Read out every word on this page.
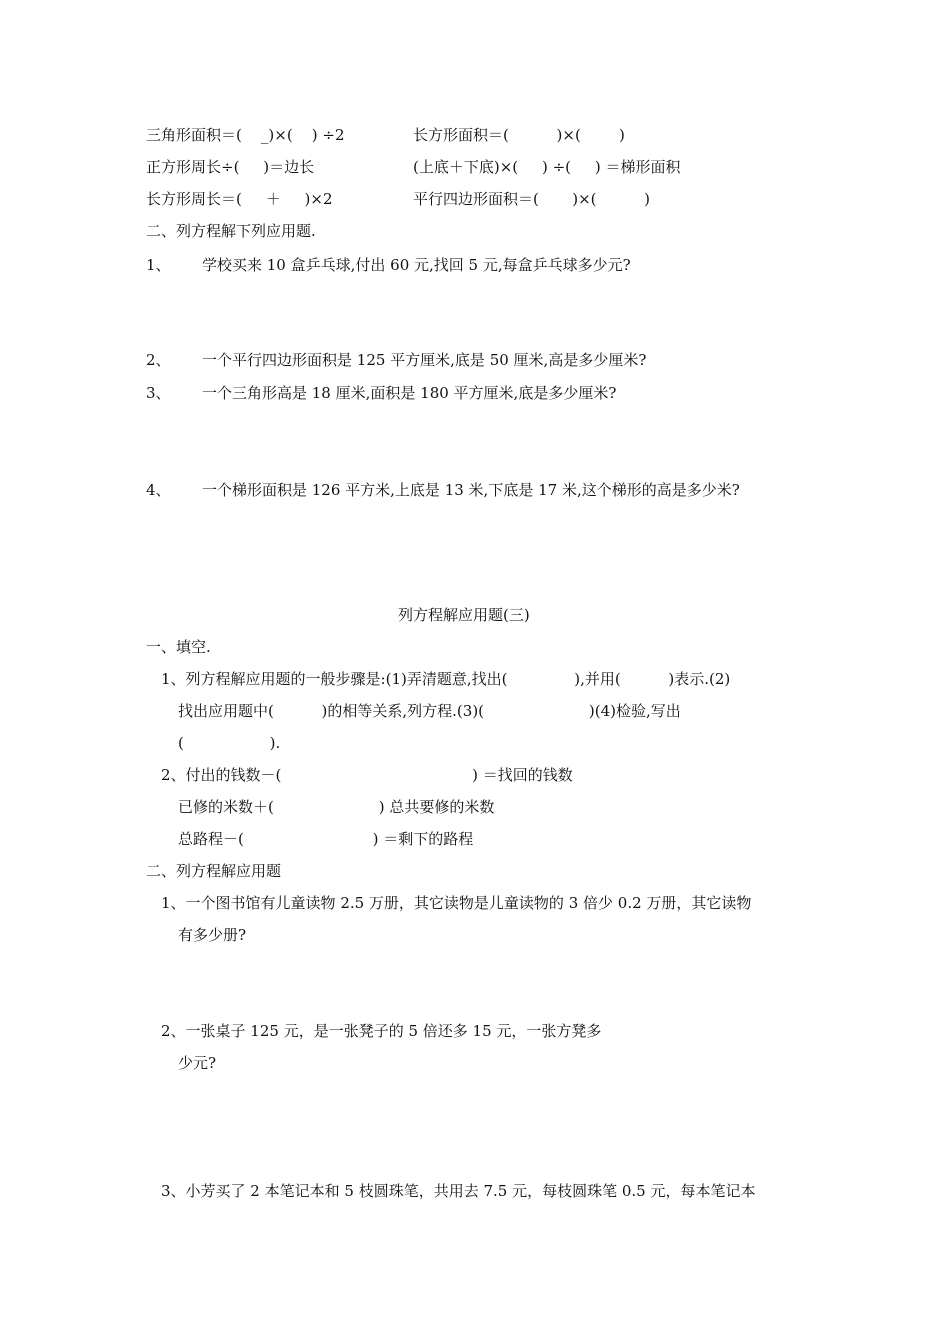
三角形面积＝(    _)×(    ) ÷2	长方形面积＝(          )×(        )
正方形周长÷(     )＝边长	(上底＋下底)×(     ) ÷(     ) ＝梯形面积
长方形周长＝(     ＋     )×2	平行四边形面积＝(       )×(          )
二、列方程解下列应用题.
1、 学校买来 10 盒乒乓球,付出 60 元,找回 5 元,每盒乒乓球多少元?
2、 一个平行四边形面积是 125 平方厘米,底是 50 厘米,高是多少厘米?
3、 一个三角形高是 18 厘米,面积是 180 平方厘米,底是多少厘米?
4、 一个梯形面积是 126 平方米,上底是 13 米,下底是 17 米,这个梯形的高是多少米?
列方程解应用题(三)
一、填空.
1、列方程解应用题的一般步骤是:(1)弄清题意,找出(              ),并用(          )表示.(2)
找出应用题中(          )的相等关系,列方程.(3)(                      )(4)检验,写出
(                  ).
2、付出的钱数－(                                        ) ＝找回的钱数
已修的米数＋(                      ) 总共要修的米数
总路程－(                           ) ＝剩下的路程
二、列方程解应用题
1、一个图书馆有儿童读物 2.5 万册，其它读物是儿童读物的 3 倍少 0.2 万册，其它读物
有多少册?
2、一张桌子 125 元，是一张凳子的 5 倍还多 15 元，一张方凳多
少元?
3、小芳买了 2 本笔记本和 5 枝圆珠笔，共用去 7.5 元，每枝圆珠笔 0.5 元，每本笔记本
